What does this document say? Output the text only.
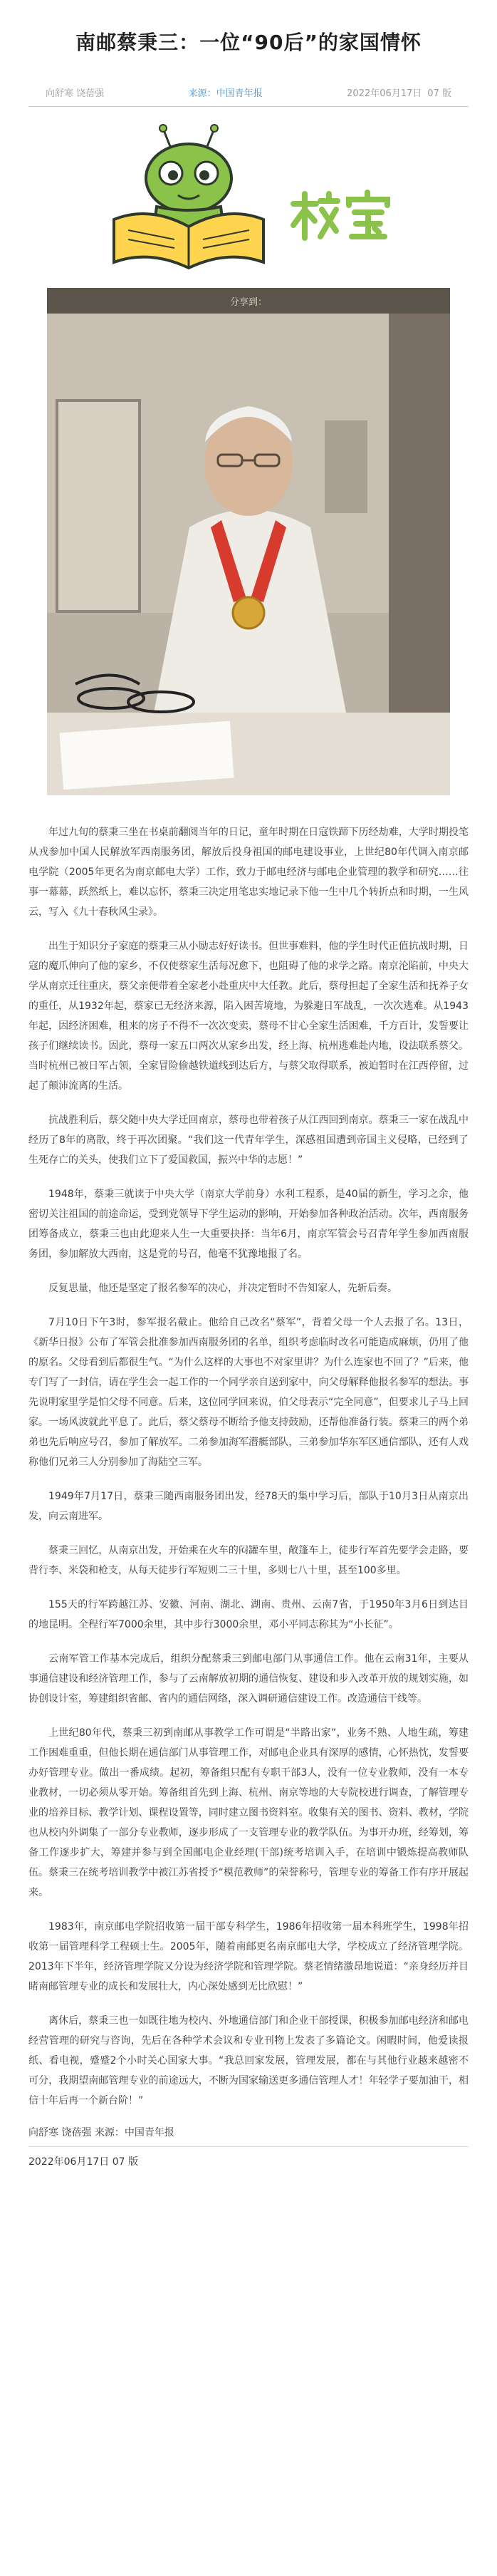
南邮蔡秉三：一位“90后”的家国情怀
向舒寒 饶蓓强	来源：中国青年报	2022年06月17日 07 版
分享到：

年过九旬的蔡秉三坐在书桌前翻阅当年的日记，童年时期在日寇铁蹄下历经劫难，大学时期投笔从戎参加中国人民解放军西南服务团，解放后投身祖国的邮电建设事业，上世纪80年代调入南京邮电学院（2005年更名为南京邮电大学）工作，致力于邮电经济与邮电企业管理的教学和研究……往事一幕幕，跃然纸上，难以忘怀，蔡秉三决定用笔忠实地记录下他一生中几个转折点和时期，一生风云，写入《九十春秋风尘录》。

出生于知识分子家庭的蔡秉三从小励志好好读书。但世事难料，他的学生时代正值抗战时期，日寇的魔爪伸向了他的家乡，不仅使蔡家生活每况愈下，也阻碍了他的求学之路。南京沦陷前，中央大学从南京迁往重庆，蔡父亲便带着全家老小赴重庆中大任教。此后，蔡母担起了全家生活和抚养子女的重任，从1932年起，蔡家已无经济来源，陷入困苦境地，为躲避日军战乱，一次次逃难。从1943年起，因经济困难，租来的房子不得不一次次变卖，蔡母不甘心全家生活困难，千方百计，发誓要让孩子们继续读书。因此，蔡母一家五口两次从家乡出发，经上海、杭州逃难赴内地，设法联系蔡父。当时杭州已被日军占领，全家冒险偷越铁道线到达后方，与蔡父取得联系，被迫暂时在江西停留，过起了颠沛流离的生活。

抗战胜利后，蔡父随中央大学迁回南京，蔡母也带着孩子从江西回到南京。蔡秉三一家在战乱中经历了8年的离散，终于再次团聚。“我们这一代青年学生，深感祖国遭到帝国主义侵略，已经到了生死存亡的关头，使我们立下了爱国救国，振兴中华的志愿！”

1948年，蔡秉三就读于中央大学（南京大学前身）水利工程系，是40届的新生，学习之余，他密切关注祖国的前途命运，受到党领导下学生运动的影响，开始参加各种政治活动。次年，西南服务团筹备成立，蔡秉三也由此迎来人生一大重要抉择：当年6月，南京军管会号召青年学生参加西南服务团，参加解放大西南，这是党的号召，他毫不犹豫地报了名。

反复思量，他还是坚定了报名参军的决心，并决定暂时不告知家人，先斩后奏。

7月10日下午3时，参军报名截止。他给自己改名“蔡军”，背着父母一个人去报了名。13日，《新华日报》公布了军管会批准参加西南服务团的名单，组织考虑临时改名可能造成麻烦，仍用了他的原名。父母看到后都很生气。“为什么这样的大事也不对家里讲？为什么连家也不回了？”后来，他专门写了一封信，请在学生会一起工作的一个同学亲自送到家中，向父母解释他报名参军的想法。事先说明家里学是怕父母不同意。后来，这位同学回来说，伯父母表示“完全同意”，但要求儿子马上回家。一场风波就此平息了。此后，蔡父蔡母不断给予他支持鼓励，还帮他准备行装。蔡秉三的两个弟弟也先后响应号召，参加了解放军。二弟参加海军潜艇部队，三弟参加华东军区通信部队，还有人戏称他们兄弟三人分别参加了海陆空三军。

1949年7月17日，蔡秉三随西南服务团出发，经78天的集中学习后，部队于10月3日从南京出发，向云南进军。

蔡秉三回忆，从南京出发，开始乘在火车的闷罐车里，敞篷车上，徒步行军首先要学会走路，要背行李、米袋和枪支，从每天徒步行军短则二三十里，多则七八十里，甚至100多里。

155天的行军跨越江苏、安徽、河南、湖北、湖南、贵州、云南7省，于1950年3月6日到达目的地昆明。全程行军7000余里，其中步行3000余里，邓小平同志称其为“小长征”。

云南军管工作基本完成后，组织分配蔡秉三到邮电部门从事通信工作。他在云南31年，主要从事通信建设和经济管理工作，参与了云南解放初期的通信恢复、建设和步入改革开放的规划实施，如协创设计室，筹建组织省邮、省内的通信网络，深入调研通信建设工作。改造通信干线等。

上世纪80年代，蔡秉三初到南邮从事教学工作可谓是“半路出家”，业务不熟、人地生疏，筹建工作困难重重，但他长期在通信部门从事管理工作，对邮电企业具有深厚的感情，心怀热忱，发誓要办好管理专业。做出一番成绩。起初，筹备组只配有专职干部3人，没有一位专业教师，没有一本专业教材，一切必须从零开始。筹备组首先到上海、杭州、南京等地的大专院校进行调查，了解管理专业的培养目标、教学计划、课程设置等，同时建立图书资料室。收集有关的图书、资料、教材，学院也从校内外调集了一部分专业教师，逐步形成了一支管理专业的教学队伍。为事开办班，经筹划，筹备工作逐步扩大，筹建并参与到全国邮电企业经理(干部)统考培训入手，在培训中锻炼提高教师队伍。蔡秉三在统考培训教学中被江苏省授予“模范教师”的荣誉称号，管理专业的筹备工作有序开展起来。

1983年，南京邮电学院招收第一届干部专科学生，1986年招收第一届本科班学生，1998年招收第一届管理科学工程硕士生。2005年，随着南邮更名南京邮电大学，学校成立了经济管理学院。2013年下半年，经济管理学院又分设为经济学院和管理学院。蔡老情绪激昂地说道：“亲身经历并目睹南邮管理专业的成长和发展壮大，内心深处感到无比欣慰！”

离休后，蔡秉三也一如既往地为校内、外地通信部门和企业干部授课，积极参加邮电经济和邮电经营管理的研究与咨询，先后在各种学术会议和专业刊物上发表了多篇论文。闲暇时间，他爱读报纸、看电视，蹙蹙2个小时关心国家大事。“我总回家发展，管理发展，都在与其他行业越来越密不可分，我期望南邮管理专业的前途远大，不断为国家输送更多通信管理人才！年轻学子要加油干，相信十年后再一个新台阶！”

向舒寒 饶蓓强 来源：中国青年报
2022年06月17日 07 版
